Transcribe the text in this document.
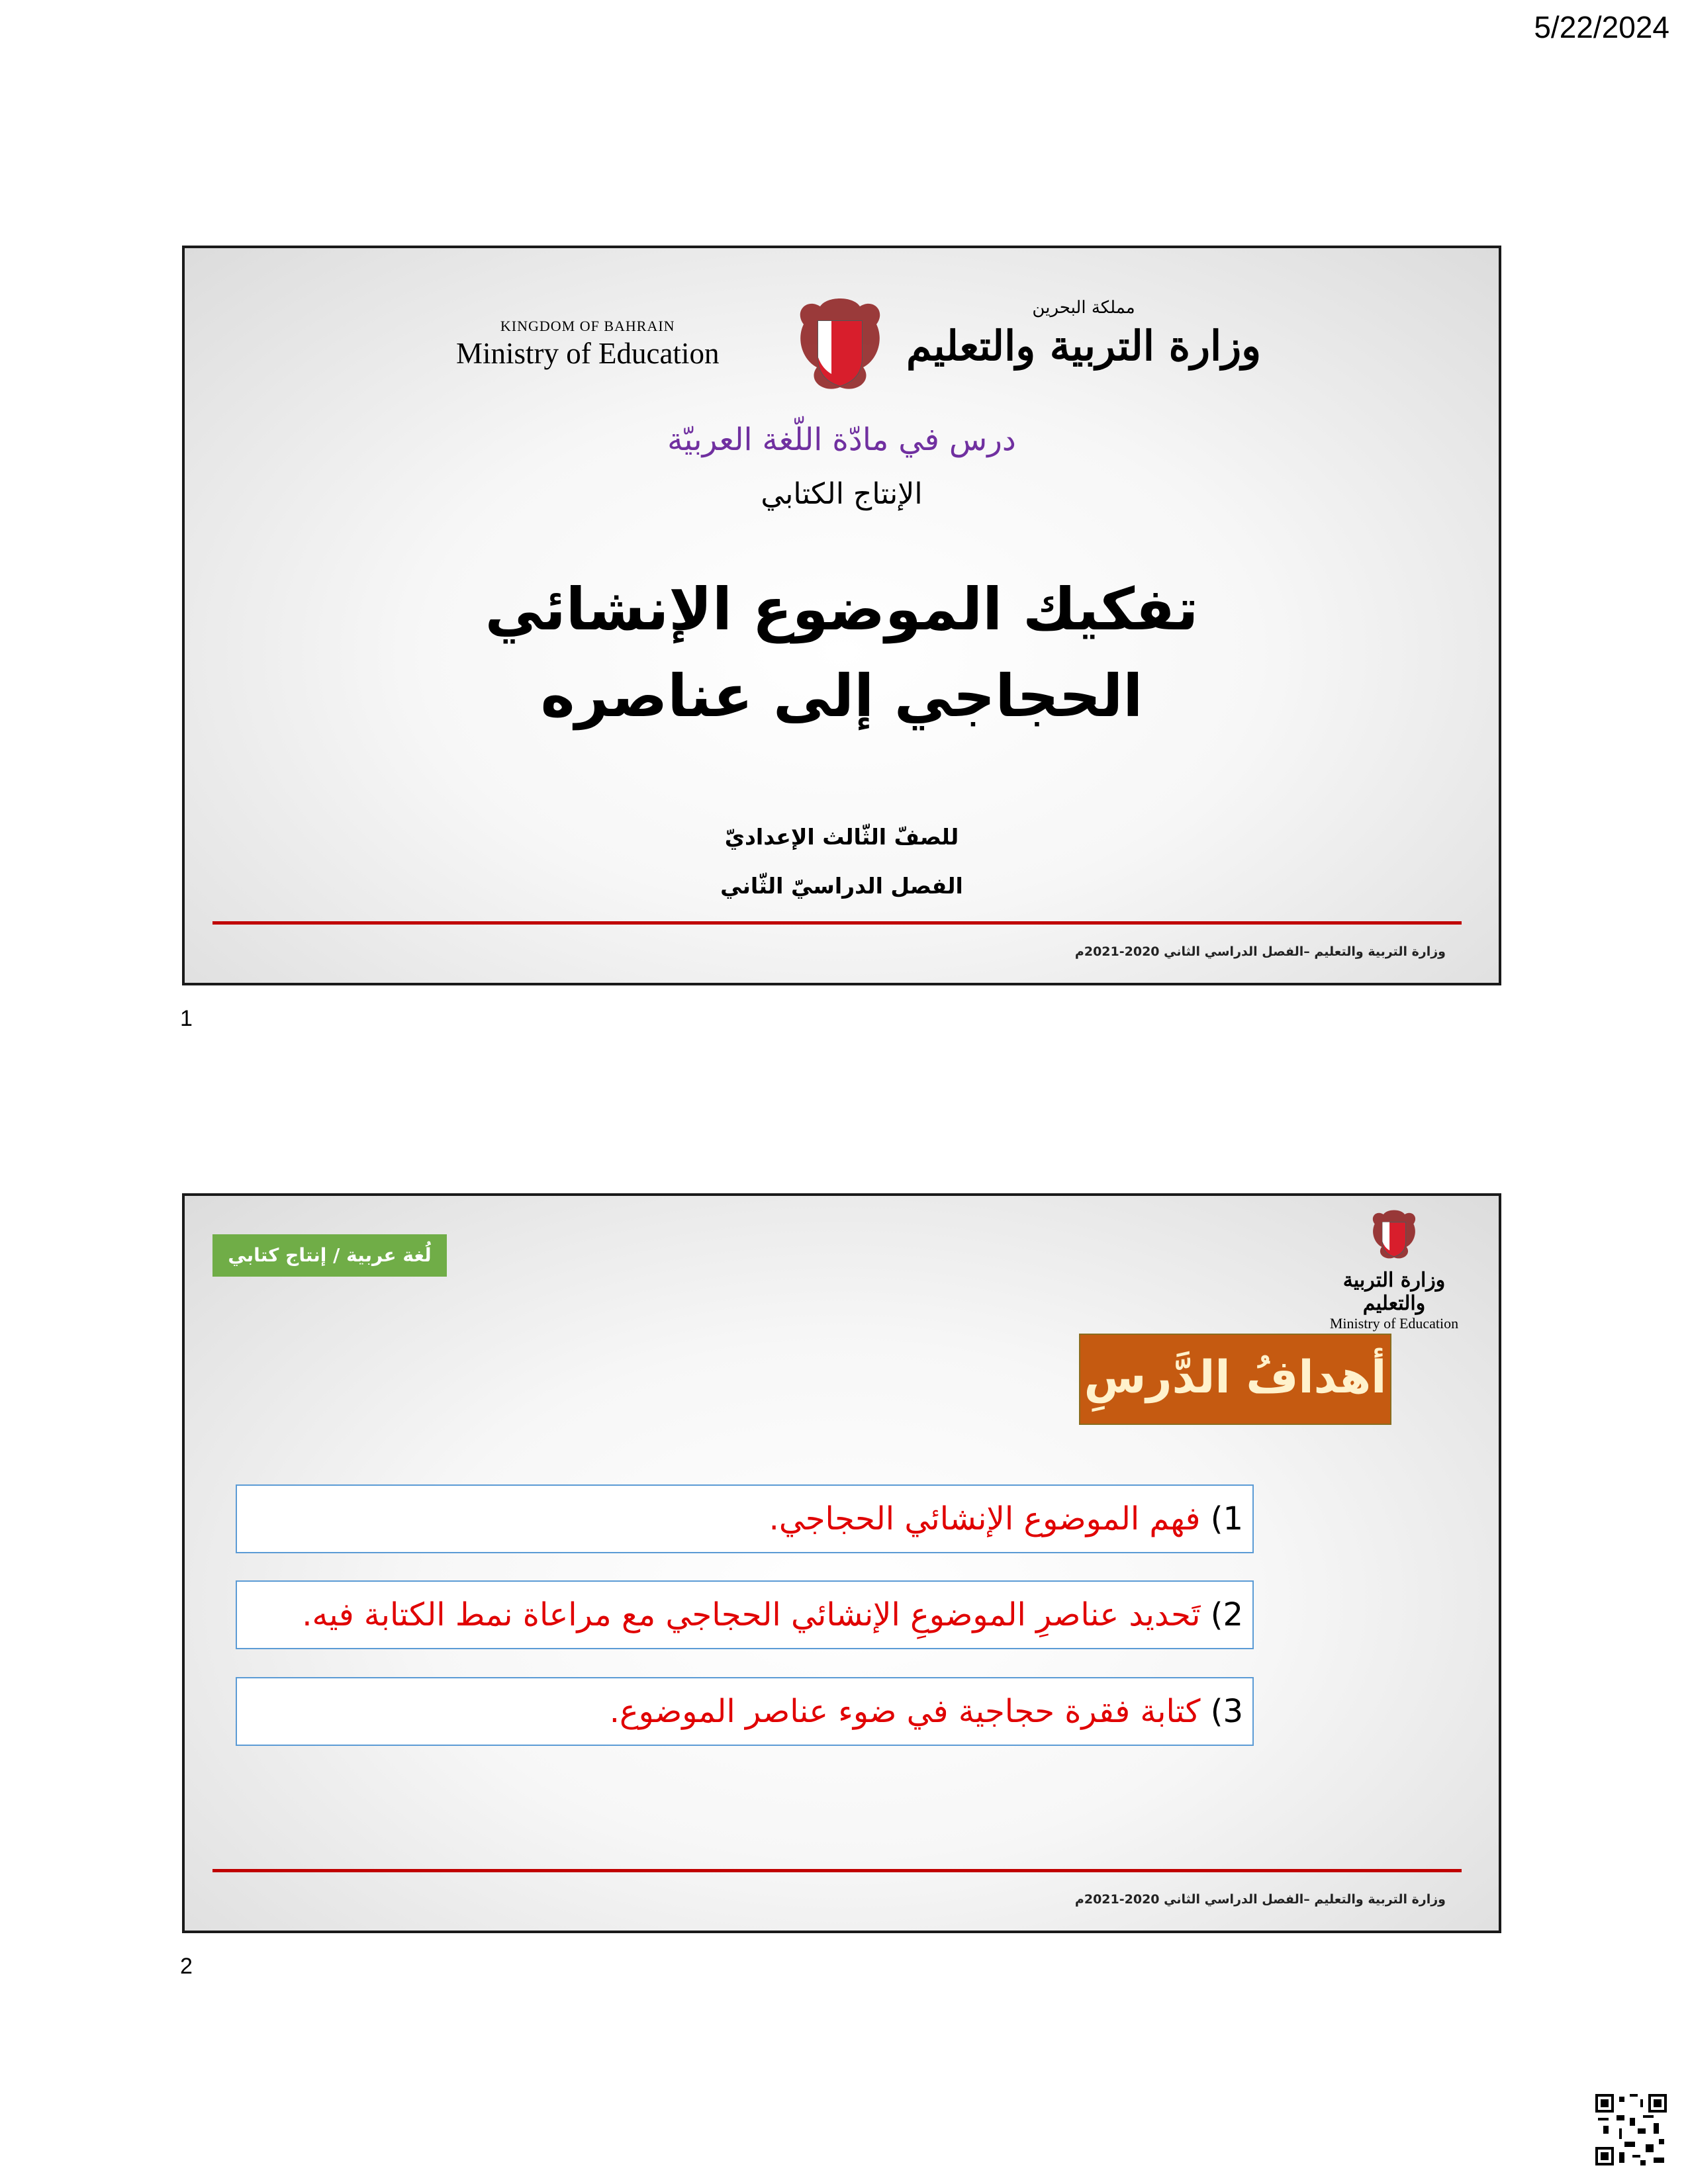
5/22/2024
KINGDOM OF BAHRAIN
Ministry of Education
مملكة البحرين
وزارة التربية والتعليم
درس في مادّة اللّغة العربيّة
الإنتاج الكتابي
تفكيك الموضوع الإنشائي
الحجاجي إلى عناصره
للصفّ الثّالث الإعداديّ
الفصل الدراسيّ الثّاني
وزارة التربية والتعليم –الفصل الدراسي الثاني 2020-2021م
1
لُغة عربية / إنتاج كتابي
وزارة التربية والتعليم
Ministry of Education
أهدافُ الدَّرسِ
1) فهم الموضوع الإنشائي الحجاجي.
2) تَحديد عناصرِ الموضوعِ الإنشائي الحجاجي مع مراعاة نمط الكتابة فيه.
3) كتابة فقرة حجاجية في ضوء عناصر الموضوع.
وزارة التربية والتعليم –الفصل الدراسي الثاني 2020-2021م
2
